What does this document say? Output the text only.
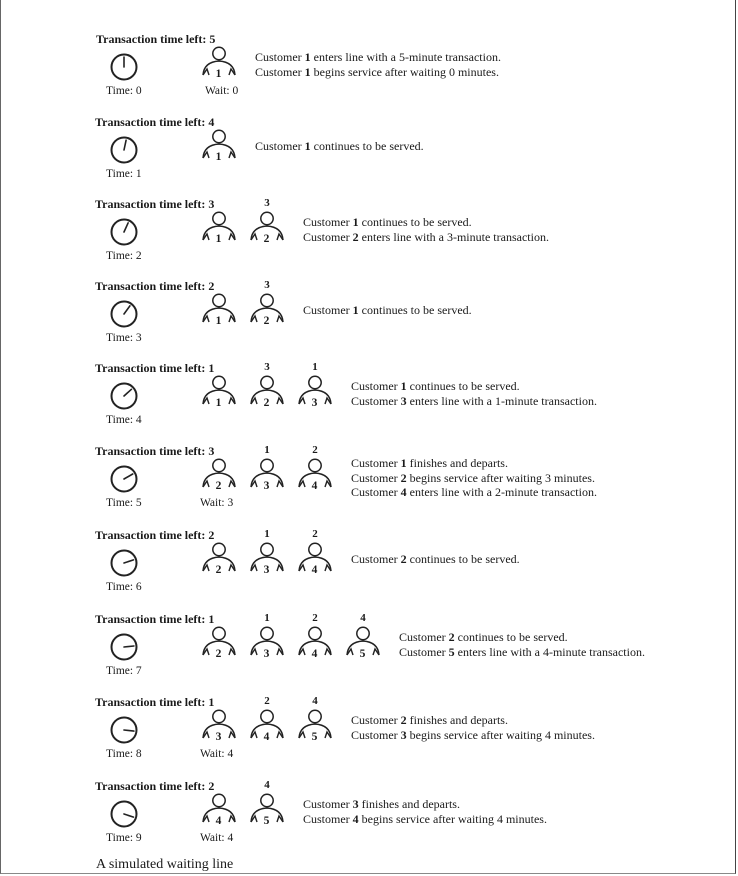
Transaction time left: 5
Time: 0
1
Wait: 0
Customer 1 enters line with a 5-minute transaction.
Customer 1 begins service after waiting 0 minutes.
Transaction time left: 4
Time: 1
1
Customer 1 continues to be served.
Transaction time left: 3
Time: 2
1	2
3
Customer 1 continues to be served.
Customer 2 enters line with a 3-minute transaction.
Transaction time left: 2
Time: 3
1	2
3
Customer 1 continues to be served.
Transaction time left: 1
Time: 4
1	2	3
3	1
Customer 1 continues to be served.
Customer 3 enters line with a 1-minute transaction.
Transaction time left: 3
Time: 5
2	3	4
1	2
Wait: 3
Customer 1 finishes and departs.
Customer 2 begins service after waiting 3 minutes.
Customer 4 enters line with a 2-minute transaction.
Transaction time left: 2
Time: 6
2	3	4
1	2
Customer 2 continues to be served.
Transaction time left: 1
Time: 7
2	3	4	5
1	2	4
Customer 2 continues to be served.
Customer 5 enters line with a 4-minute transaction.
Transaction time left: 1
Time: 8
3	4	5
2	4
Wait: 4
Customer 2 finishes and departs.
Customer 3 begins service after waiting 4 minutes.
Transaction time left: 2
Time: 9
4	5
4
Wait: 4
Customer 3 finishes and departs.
Customer 4 begins service after waiting 4 minutes.
A simulated waiting line
